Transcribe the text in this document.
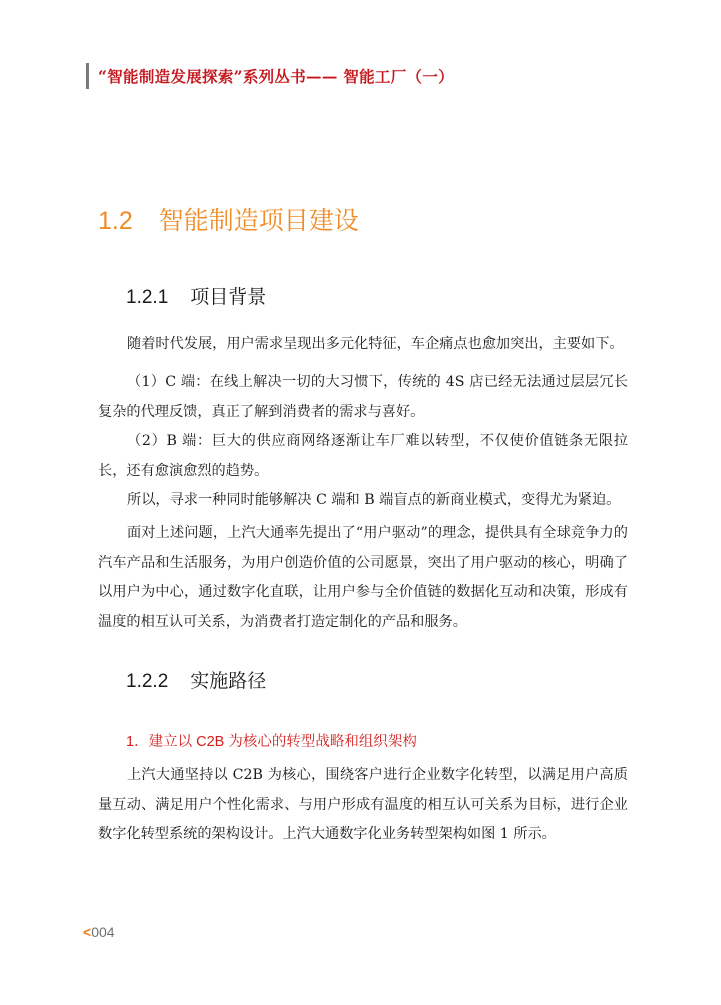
“智能制造发展探索”系列丛书—— 智能工厂（一）
1.2 智能制造项目建设
1.2.1 项目背景

随着时代发展，用户需求呈现出多元化特征，车企痛点也愈加突出，主要如下。

（1）C 端：在线上解决一切的大习惯下，传统的 4S 店已经无法通过层层冗长复杂的代理反馈，真正了解到消费者的需求与喜好。

（2）B 端：巨大的供应商网络逐渐让车厂难以转型，不仅使价值链条无限拉长，还有愈演愈烈的趋势。

所以，寻求一种同时能够解决 C 端和 B 端盲点的新商业模式，变得尤为紧迫。

面对上述问题，上汽大通率先提出了“用户驱动”的理念，提供具有全球竞争力的汽车产品和生活服务，为用户创造价值的公司愿景，突出了用户驱动的核心，明确了以用户为中心，通过数字化直联，让用户参与全价值链的数据化互动和决策，形成有温度的相互认可关系，为消费者打造定制化的产品和服务。

1.2.2 实施路径
1．建立以 C2B 为核心的转型战略和组织架构

上汽大通坚持以 C2B 为核心，围绕客户进行企业数字化转型，以满足用户高质量互动、满足用户个性化需求、与用户形成有温度的相互认可关系为目标，进行企业数字化转型系统的架构设计。上汽大通数字化业务转型架构如图 1 所示。

<004
